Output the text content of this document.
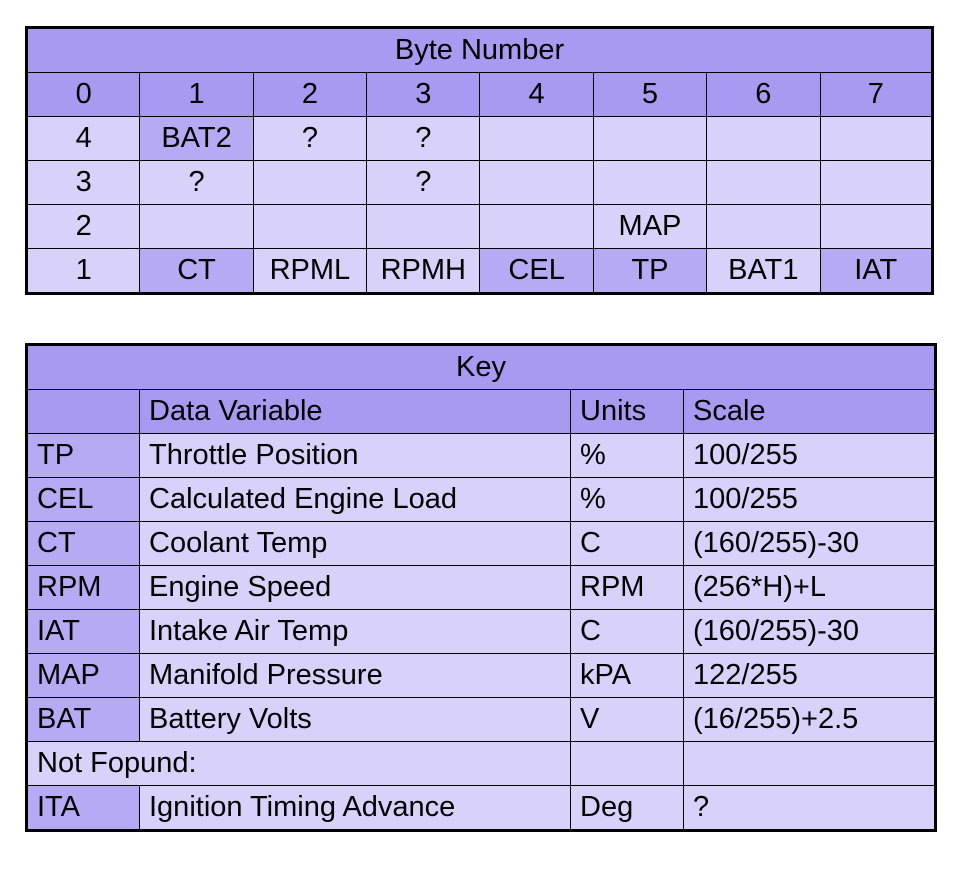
Byte Number							
0	1	2	3	4	5	6	7
4	BAT2	?	?				
3	?		?				
2					MAP		
1	CT	RPML	RPMH	CEL	TP	BAT1	IAT
Key			
	Data Variable	Units	Scale
TP	Throttle Position	%	100/255
CEL	Calculated Engine Load	%	100/255
CT	Coolant Temp	C	(160/255)-30
RPM	Engine Speed	RPM	(256*H)+L
IAT	Intake Air Temp	C	(160/255)-30
MAP	Manifold Pressure	kPA	122/255
BAT	Battery Volts	V	(16/255)+2.5
Not Fopund:			
ITA	Ignition Timing Advance	Deg	?
